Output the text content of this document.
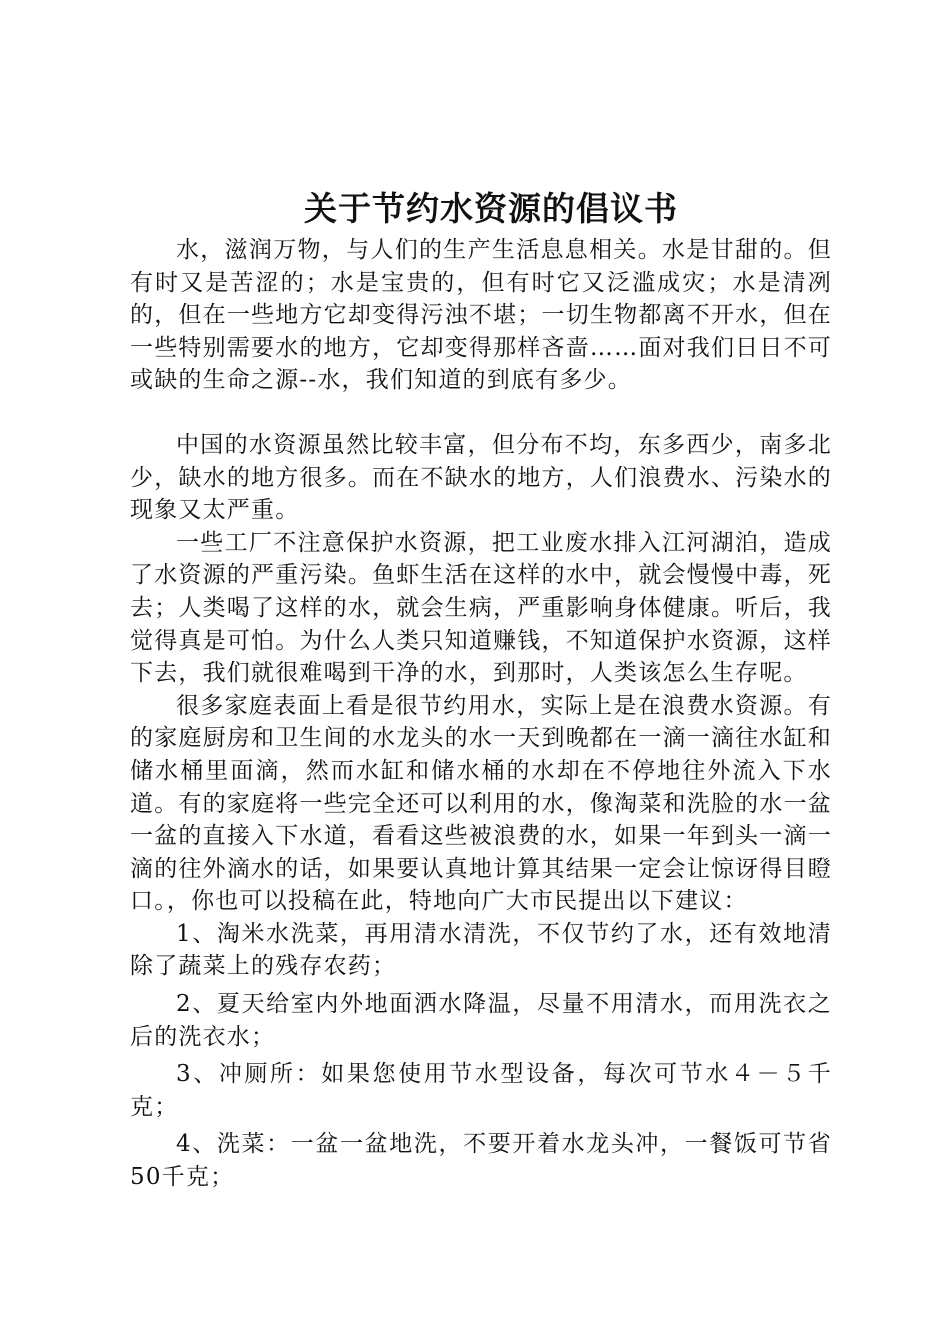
关于节约水资源的倡议书

水，滋润万物，与人们的生产生活息息相关。水是甘甜的。但有时又是苦涩的；水是宝贵的，但有时它又泛滥成灾；水是清冽的，但在一些地方它却变得污浊不堪；一切生物都离不开水，但在一些特别需要水的地方，它却变得那样吝啬……面对我们日日不可或缺的生命之源--水，我们知道的到底有多少。

中国的水资源虽然比较丰富，但分布不均，东多西少，南多北少，缺水的地方很多。而在不缺水的地方，人们浪费水、污染水的现象又太严重。

一些工厂不注意保护水资源，把工业废水排入江河湖泊，造成了水资源的严重污染。鱼虾生活在这样的水中，就会慢慢中毒，死去；人类喝了这样的水，就会生病，严重影响身体健康。听后，我觉得真是可怕。为什么人类只知道赚钱，不知道保护水资源，这样下去，我们就很难喝到干净的水，到那时，人类该怎么生存呢。

很多家庭表面上看是很节约用水，实际上是在浪费水资源。有的家庭厨房和卫生间的水龙头的水一天到晚都在一滴一滴往水缸和储水桶里面滴，然而水缸和储水桶的水却在不停地往外流入下水道。有的家庭将一些完全还可以利用的水，像淘菜和洗脸的水一盆一盆的直接入下水道，看看这些被浪费的水，如果一年到头一滴一滴的往外滴水的话，如果要认真地计算其结果一定会让惊讶得目瞪口。，你也可以投稿在此，特地向广大市民提出以下建议：

1、淘米水洗菜，再用清水清洗，不仅节约了水，还有效地清除了蔬菜上的残存农药；

2、夏天给室内外地面洒水降温，尽量不用清水，而用洗衣之后的洗衣水；

3、冲厕所：如果您使用节水型设备，每次可节水４－５千克；

4、洗菜：一盆一盆地洗，不要开着水龙头冲，一餐饭可节省50千克；
